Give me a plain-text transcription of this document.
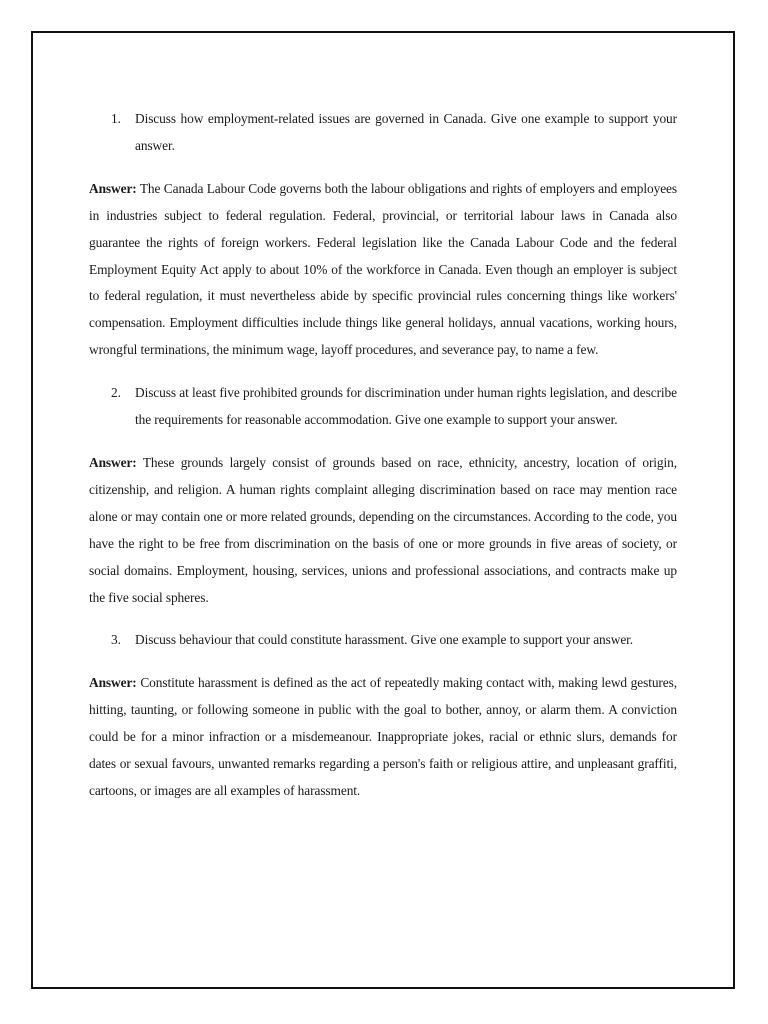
1.	Discuss how employment-related issues are governed in Canada. Give one example to support your answer.

Answer: The Canada Labour Code governs both the labour obligations and rights of employers and employees in industries subject to federal regulation. Federal, provincial, or territorial labour laws in Canada also guarantee the rights of foreign workers. Federal legislation like the Canada Labour Code and the federal Employment Equity Act apply to about 10% of the workforce in Canada. Even though an employer is subject to federal regulation, it must nevertheless abide by specific provincial rules concerning things like workers' compensation. Employment difficulties include things like general holidays, annual vacations, working hours, wrongful terminations, the minimum wage, layoff procedures, and severance pay, to name a few.

2.	Discuss at least five prohibited grounds for discrimination under human rights legislation, and describe the requirements for reasonable accommodation. Give one example to support your answer.

Answer: These grounds largely consist of grounds based on race, ethnicity, ancestry, location of origin, citizenship, and religion. A human rights complaint alleging discrimination based on race may mention race alone or may contain one or more related grounds, depending on the circumstances. According to the code, you have the right to be free from discrimination on the basis of one or more grounds in five areas of society, or social domains. Employment, housing, services, unions and professional associations, and contracts make up the five social spheres.

3.	Discuss behaviour that could constitute harassment. Give one example to support your answer.

Answer: Constitute harassment is defined as the act of repeatedly making contact with, making lewd gestures, hitting, taunting, or following someone in public with the goal to bother, annoy, or alarm them. A conviction could be for a minor infraction or a misdemeanour. Inappropriate jokes, racial or ethnic slurs, demands for dates or sexual favours, unwanted remarks regarding a person's faith or religious attire, and unpleasant graffiti, cartoons, or images are all examples of harassment.
